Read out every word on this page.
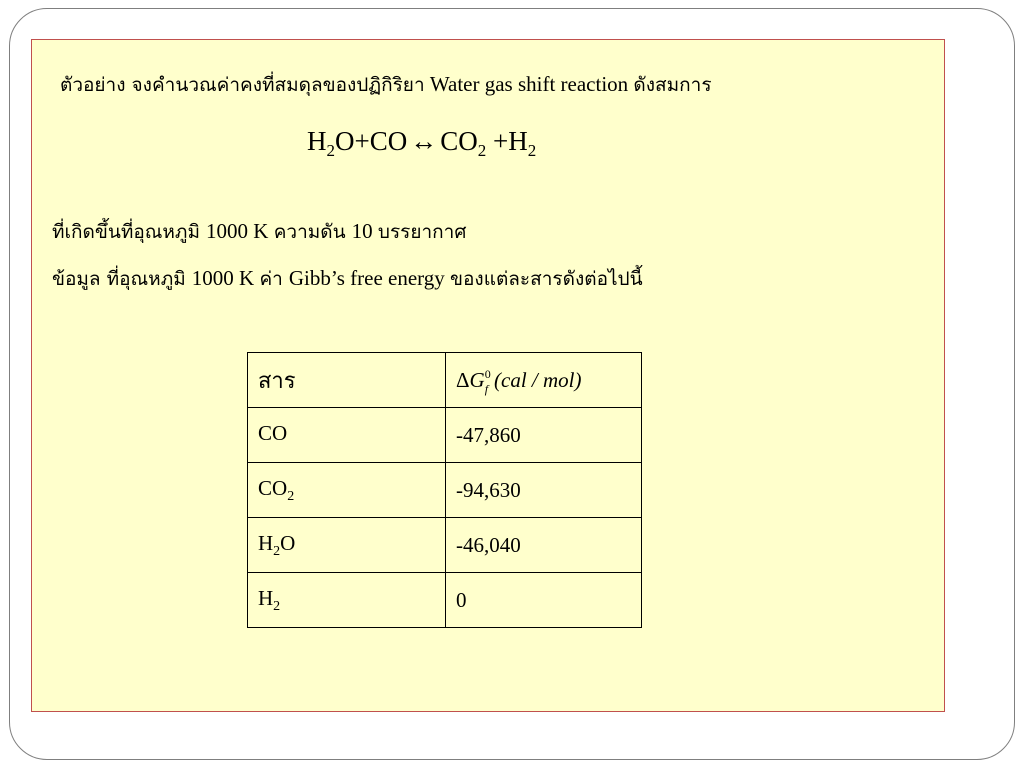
ตัวอย่าง จงคำนวณค่าคงที่สมดุลของปฏิกิริยา Water gas shift reaction ดังสมการ
$H_2O+CO$ ↔ $CO_2 +H_2$
ที่เกิดขึ้นที่อุณหภูมิ 1000 K ความดัน 10 บรรยากาศ
ข้อมูล ที่อุณหภูมิ 1000 K ค่า Gibb’s free energy ของแต่ละสารดังต่อไปนี้
สาร	$\Delta G^0_f$ (cal / mol)
CO	-47,860
$CO_2$	-94,630
$H_2O$	-46,040
$H_2$	0
